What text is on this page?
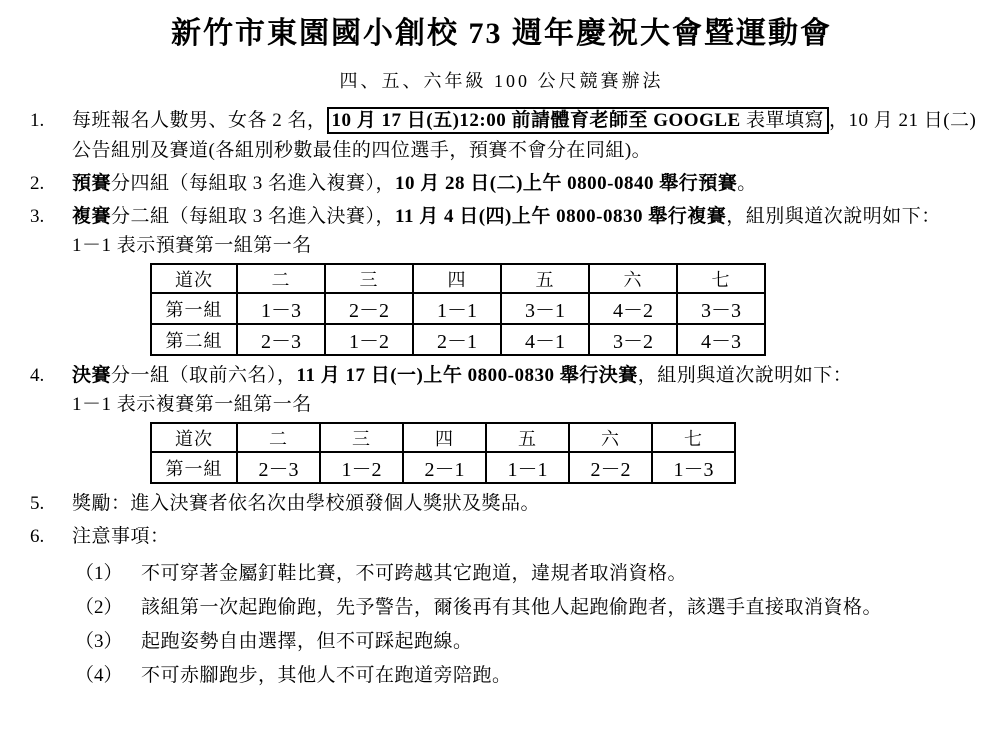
新竹市東園國小創校 73 週年慶祝大會暨運動會
四、五、六年級 100 公尺競賽辦法
1.	每班報名人數男、女各 2 名， 10 月 17 日(五)12:00 前請體育老師至 GOOGLE 表單填寫 ，10 月 21 日(二)公告組別及賽道(各組別秒數最佳的四位選手，預賽不會分在同組)。
2.	預賽分四組（每組取 3 名進入複賽），10 月 28 日(二)上午 0800-0840 舉行預賽。
3.	複賽分二組（每組取 3 名進入決賽），11 月 4 日(四)上午 0800-0830 舉行複賽，組別與道次說明如下：
1－1 表示預賽第一組第一名
道次	二	三	四	五	六	七
第一組	1－3	2－2	1－1	3－1	4－2	3－3
第二組	2－3	1－2	2－1	4－1	3－2	4－3
4.	決賽分一組（取前六名），11 月 17 日(一)上午 0800-0830 舉行決賽，組別與道次說明如下：
1－1 表示複賽第一組第一名
道次	二	三	四	五	六	七
第一組	2－3	1－2	2－1	1－1	2－2	1－3
5.	獎勵：進入決賽者依名次由學校頒發個人獎狀及獎品。
6.	注意事項：
（1） 不可穿著金屬釘鞋比賽，不可跨越其它跑道，違規者取消資格。
（2） 該組第一次起跑偷跑，先予警告，爾後再有其他人起跑偷跑者，該選手直接取消資格。
（3） 起跑姿勢自由選擇，但不可踩起跑線。
（4） 不可赤腳跑步，其他人不可在跑道旁陪跑。
